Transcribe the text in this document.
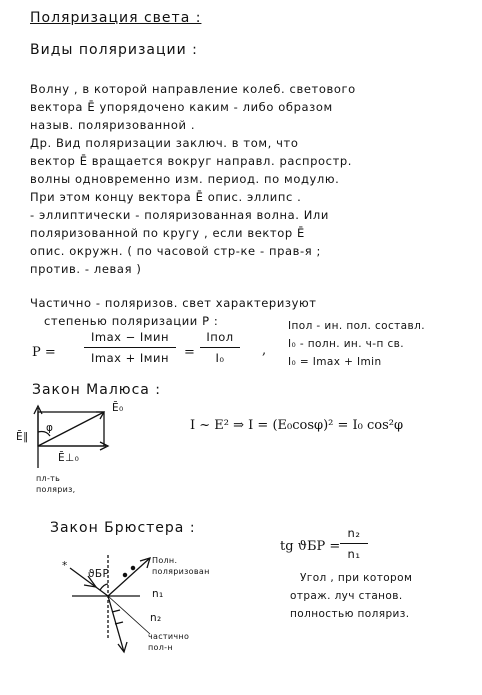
Поляризация света :
Виды поляризации :
Волну , в которой направление колеб. светового
вектора Ē упорядочено каким - либо образом
назыв. поляризованной .
Др. Вид поляризации заключ. в том, что
вектор Ē вращается вокруг направл. распростр.
волны одновременно изм. период. по модулю.
При этом концу вектора Ē опис. эллипс .
- эллиптически - поляризованная волна. Или
поляризованной по кругу , если вектор Ē
опис. окружн. ( по часовой стр-ке - прав-я ;
против. - левая )
Частично - поляризов. свет характеризуют
степенью поляризации P :
P =
Imax − Iмин
Imax + Iмин	=
Iпол
I₀	,
Iпол - ин. пол. составл.
I₀ - полн. ин. ч-п св.
I₀ = Imax + Imin
Закон Малюса :
I ~ E² ⇒ I = (E₀cosφ)² = I₀ cos²φ
Ē₀
φ
Ē∥
Ē⊥₀
пл-ть
поляриз,
Закон Брюстера :
tg ϑБР =
n₂
n₁
*
ϑБР
Полн.
поляризован
n₁
n₂
частично
пол-н
Угол , при котором
отраж. луч станов.
полностью поляриз.
